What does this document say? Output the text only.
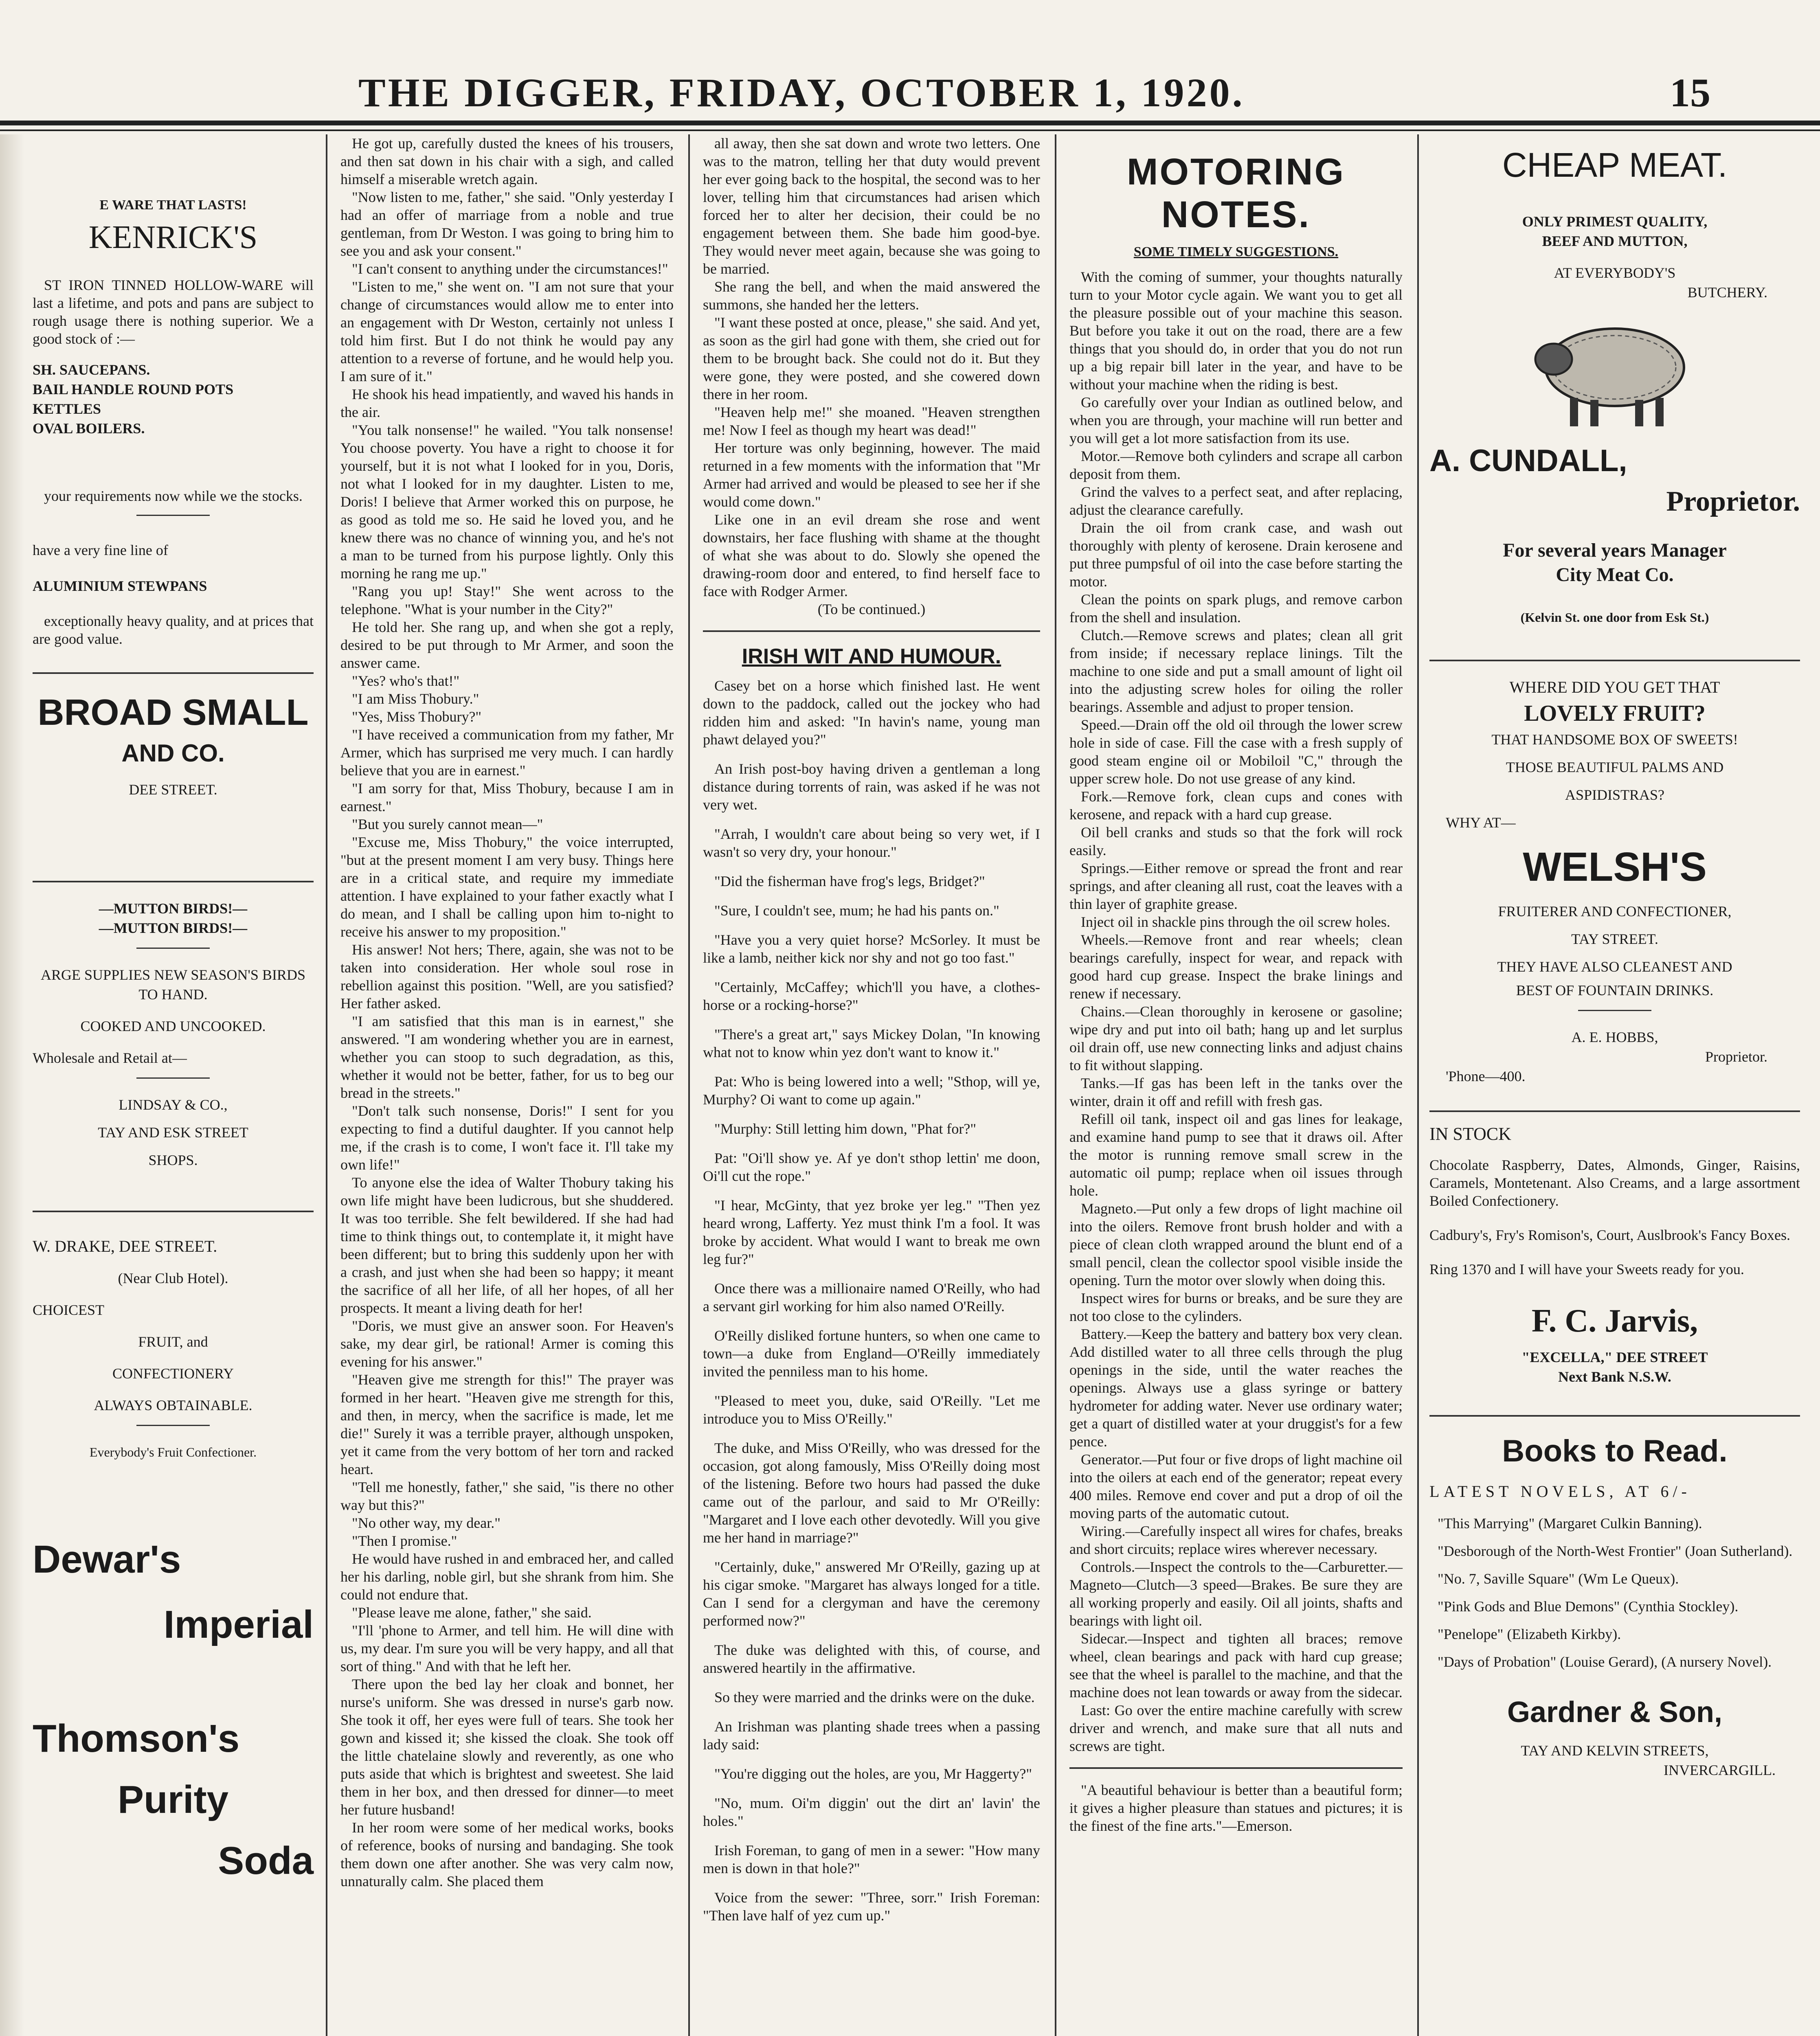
THE DIGGER, FRIDAY, OCTOBER 1, 1920.	15
E WARE THAT LASTS!
KENRICK'S

ST IRON TINNED HOLLOW-WARE will last a lifetime, and pots and pans are subject to rough usage there is nothing superior. We a good stock of :—

SH. SAUCEPANS.
BAIL HANDLE ROUND POTS
KETTLES
OVAL BOILERS.

your requirements now while we the stocks.

have a very fine line of
ALUMINIUM STEWPANS

exceptionally heavy quality, and at prices that are good value.

BROAD SMALL
AND CO.
DEE STREET.
—MUTTON BIRDS!—
—MUTTON BIRDS!—
ARGE SUPPLIES NEW SEASON'S BIRDS TO HAND.
COOKED AND UNCOOKED.
Wholesale and Retail at—
LINDSAY & CO.,
TAY AND ESK STREET
SHOPS.
W. DRAKE, DEE STREET.
(Near Club Hotel).
CHOICEST
FRUIT, and
CONFECTIONERY
ALWAYS OBTAINABLE.
Everybody's Fruit Confectioner.
Dewar's
Imperial
Thomson's
Purity
Soda

He got up, carefully dusted the knees of his trousers, and then sat down in his chair with a sigh, and called himself a miserable wretch again.

"Now listen to me, father," she said. "Only yesterday I had an offer of marriage from a noble and true gentleman, from Dr Weston. I was going to bring him to see you and ask your consent."

"I can't consent to anything under the circumstances!"

"Listen to me," she went on. "I am not sure that your change of circumstances would allow me to enter into an engagement with Dr Weston, certainly not unless I told him first. But I do not think he would pay any attention to a reverse of fortune, and he would help you. I am sure of it."

He shook his head impatiently, and waved his hands in the air.

"You talk nonsense!" he wailed. "You talk nonsense! You choose poverty. You have a right to choose it for yourself, but it is not what I looked for in you, Doris, not what I looked for in my daughter. Listen to me, Doris! I believe that Armer worked this on purpose, he as good as told me so. He said he loved you, and he knew there was no chance of winning you, and he's not a man to be turned from his purpose lightly. Only this morning he rang me up."

"Rang you up! Stay!" She went across to the telephone. "What is your number in the City?"

He told her. She rang up, and when she got a reply, desired to be put through to Mr Armer, and soon the answer came.

"Yes? who's that!"

"I am Miss Thobury."

"Yes, Miss Thobury?"

"I have received a communication from my father, Mr Armer, which has surprised me very much. I can hardly believe that you are in earnest."

"I am sorry for that, Miss Thobury, because I am in earnest."

"But you surely cannot mean—"

"Excuse me, Miss Thobury," the voice interrupted, "but at the present moment I am very busy. Things here are in a critical state, and require my immediate attention. I have explained to your father exactly what I do mean, and I shall be calling upon him to-night to receive his answer to my proposition."

His answer! Not hers; There, again, she was not to be taken into consideration. Her whole soul rose in rebellion against this position. "Well, are you satisfied? Her father asked.

"I am satisfied that this man is in earnest," she answered. "I am wondering whether you are in earnest, whether you can stoop to such degradation, as this, whether it would not be better, father, for us to beg our bread in the streets."

"Don't talk such nonsense, Doris!" I sent for you expecting to find a dutiful daughter. If you cannot help me, if the crash is to come, I won't face it. I'll take my own life!"

To anyone else the idea of Walter Thobury taking his own life might have been ludicrous, but she shuddered. It was too terrible. She felt bewildered. If she had had time to think things out, to contemplate it, it might have been different; but to bring this suddenly upon her with a crash, and just when she had been so happy; it meant the sacrifice of all her life, of all her hopes, of all her prospects. It meant a living death for her!

"Doris, we must give an answer soon. For Heaven's sake, my dear girl, be rational! Armer is coming this evening for his answer."

"Heaven give me strength for this!" The prayer was formed in her heart. "Heaven give me strength for this, and then, in mercy, when the sacrifice is made, let me die!" Surely it was a terrible prayer, although unspoken, yet it came from the very bottom of her torn and racked heart.

"Tell me honestly, father," she said, "is there no other way but this?"

"No other way, my dear."

"Then I promise."

He would have rushed in and embraced her, and called her his darling, noble girl, but she shrank from him. She could not endure that.

"Please leave me alone, father," she said.

"I'll 'phone to Armer, and tell him. He will dine with us, my dear. I'm sure you will be very happy, and all that sort of thing." And with that he left her.

There upon the bed lay her cloak and bonnet, her nurse's uniform. She was dressed in nurse's garb now. She took it off, her eyes were full of tears. She took her gown and kissed it; she kissed the cloak. She took off the little chatelaine slowly and reverently, as one who puts aside that which is brightest and sweetest. She laid them in her box, and then dressed for dinner—to meet her future husband!

In her room were some of her medical works, books of reference, books of nursing and bandaging. She took them down one after another. She was very calm now, unnaturally calm. She placed them

all away, then she sat down and wrote two letters. One was to the matron, telling her that duty would prevent her ever going back to the hospital, the second was to her lover, telling him that circumstances had arisen which forced her to alter her decision, their could be no engagement between them. She bade him good-bye. They would never meet again, because she was going to be married.

She rang the bell, and when the maid answered the summons, she handed her the letters.

"I want these posted at once, please," she said. And yet, as soon as the girl had gone with them, she cried out for them to be brought back. She could not do it. But they were gone, they were posted, and she cowered down there in her room.

"Heaven help me!" she moaned. "Heaven strengthen me! Now I feel as though my heart was dead!"

Her torture was only beginning, however. The maid returned in a few moments with the information that "Mr Armer had arrived and would be pleased to see her if she would come down."

Like one in an evil dream she rose and went downstairs, her face flushing with shame at the thought of what she was about to do. Slowly she opened the drawing-room door and entered, to find herself face to face with Rodger Armer.

(To be continued.)

IRISH WIT AND HUMOUR.

Casey bet on a horse which finished last. He went down to the paddock, called out the jockey who had ridden him and asked: "In havin's name, young man phawt delayed you?"

An Irish post-boy having driven a gentleman a long distance during torrents of rain, was asked if he was not very wet.

"Arrah, I wouldn't care about being so very wet, if I wasn't so very dry, your honour."

"Did the fisherman have frog's legs, Bridget?"

"Sure, I couldn't see, mum; he had his pants on."

"Have you a very quiet horse? McSorley. It must be like a lamb, neither kick nor shy and not go too fast."

"Certainly, McCaffey; which'll you have, a clothes-horse or a rocking-horse?"

"There's a great art," says Mickey Dolan, "In knowing what not to know whin yez don't want to know it."

Pat: Who is being lowered into a well; "Sthop, will ye, Murphy? Oi want to come up again."

"Murphy: Still letting him down, "Phat for?"

Pat: "Oi'll show ye. Af ye don't sthop lettin' me doon, Oi'll cut the rope."

"I hear, McGinty, that yez broke yer leg." "Then yez heard wrong, Lafferty. Yez must think I'm a fool. It was broke by accident. What would I want to break me own leg fur?"

Once there was a millionaire named O'Reilly, who had a servant girl working for him also named O'Reilly.

O'Reilly disliked fortune hunters, so when one came to town—a duke from England—O'Reilly immediately invited the penniless man to his home.

"Pleased to meet you, duke, said O'Reilly. "Let me introduce you to Miss O'Reilly."

The duke, and Miss O'Reilly, who was dressed for the occasion, got along famously, Miss O'Reilly doing most of the listening. Before two hours had passed the duke came out of the parlour, and said to Mr O'Reilly: "Margaret and I love each other devotedly. Will you give me her hand in marriage?"

"Certainly, duke," answered Mr O'Reilly, gazing up at his cigar smoke. "Margaret has always longed for a title. Can I send for a clergyman and have the ceremony performed now?"

The duke was delighted with this, of course, and answered heartily in the affirmative.

So they were married and the drinks were on the duke.

An Irishman was planting shade trees when a passing lady said:

"You're digging out the holes, are you, Mr Haggerty?"

"No, mum. Oi'm diggin' out the dirt an' lavin' the holes."

Irish Foreman, to gang of men in a sewer: "How many men is down in that hole?"

Voice from the sewer: "Three, sorr." Irish Foreman: "Then lave half of yez cum up."

MOTORING NOTES.
SOME TIMELY SUGGESTIONS.

With the coming of summer, your thoughts naturally turn to your Motor cycle again. We want you to get all the pleasure possible out of your machine this season. But before you take it out on the road, there are a few things that you should do, in order that you do not run up a big repair bill later in the year, and have to be without your machine when the riding is best.

Go carefully over your Indian as outlined below, and when you are through, your machine will run better and you will get a lot more satisfaction from its use.

Motor.—Remove both cylinders and scrape all carbon deposit from them.

Grind the valves to a perfect seat, and after replacing, adjust the clearance carefully.

Drain the oil from crank case, and wash out thoroughly with plenty of kerosene. Drain kerosene and put three pumpsful of oil into the case before starting the motor.

Clean the points on spark plugs, and remove carbon from the shell and insulation.

Clutch.—Remove screws and plates; clean all grit from inside; if necessary replace linings. Tilt the machine to one side and put a small amount of light oil into the adjusting screw holes for oiling the roller bearings. Assemble and adjust to proper tension.

Speed.—Drain off the old oil through the lower screw hole in side of case. Fill the case with a fresh supply of good steam engine oil or Mobiloil "C," through the upper screw hole. Do not use grease of any kind.

Fork.—Remove fork, clean cups and cones with kerosene, and repack with a hard cup grease.

Oil bell cranks and studs so that the fork will rock easily.

Springs.—Either remove or spread the front and rear springs, and after cleaning all rust, coat the leaves with a thin layer of graphite grease.

Inject oil in shackle pins through the oil screw holes.

Wheels.—Remove front and rear wheels; clean bearings carefully, inspect for wear, and repack with good hard cup grease. Inspect the brake linings and renew if necessary.

Chains.—Clean thoroughly in kerosene or gasoline; wipe dry and put into oil bath; hang up and let surplus oil drain off, use new connecting links and adjust chains to fit without slapping.

Tanks.—If gas has been left in the tanks over the winter, drain it off and refill with fresh gas.

Refill oil tank, inspect oil and gas lines for leakage, and examine hand pump to see that it draws oil. After the motor is running remove small screw in the automatic oil pump; replace when oil issues through hole.

Magneto.—Put only a few drops of light machine oil into the oilers. Remove front brush holder and with a piece of clean cloth wrapped around the blunt end of a small pencil, clean the collector spool visible inside the opening. Turn the motor over slowly when doing this.

Inspect wires for burns or breaks, and be sure they are not too close to the cylinders.

Battery.—Keep the battery and battery box very clean. Add distilled water to all three cells through the plug openings in the side, until the water reaches the openings. Always use a glass syringe or battery hydrometer for adding water. Never use ordinary water; get a quart of distilled water at your druggist's for a few pence.

Generator.—Put four or five drops of light machine oil into the oilers at each end of the generator; repeat every 400 miles. Remove end cover and put a drop of oil the moving parts of the automatic cutout.

Wiring.—Carefully inspect all wires for chafes, breaks and short circuits; replace wires wherever necessary.

Controls.—Inspect the controls to the—Carburetter.—Magneto—Clutch—3 speed—Brakes. Be sure they are all working properly and easily. Oil all joints, shafts and bearings with light oil.

Sidecar.—Inspect and tighten all braces; remove wheel, clean bearings and pack with hard cup grease; see that the wheel is parallel to the machine, and that the machine does not lean towards or away from the sidecar.

Last: Go over the entire machine carefully with screw driver and wrench, and make sure that all nuts and screws are tight.

"A beautiful behaviour is better than a beautiful form; it gives a higher pleasure than statues and pictures; it is the finest of the fine arts."—Emerson.

CHEAP MEAT.
ONLY PRIMEST QUALITY,
BEEF AND MUTTON,
AT EVERYBODY'S
BUTCHERY.
A. CUNDALL,
Proprietor.
For several years Manager
City Meat Co.
(Kelvin St. one door from Esk St.)
WHERE DID YOU GET THAT
LOVELY FRUIT?
THAT HANDSOME BOX OF SWEETS!
THOSE BEAUTIFUL PALMS AND
ASPIDISTRAS?
WHY AT—
WELSH'S
FRUITERER AND CONFECTIONER,
TAY STREET.
THEY HAVE ALSO CLEANEST AND
BEST OF FOUNTAIN DRINKS.
A. E. HOBBS,
Proprietor.
'Phone—400.
IN STOCK

Chocolate Raspberry, Dates, Almonds, Ginger, Raisins, Caramels, Montetenant. Also Creams, and a large assortment Boiled Confectionery.

Cadbury's, Fry's Romison's, Court, Auslbrook's Fancy Boxes.

Ring 1370 and I will have your Sweets ready for you.

F. C. Jarvis,
"EXCELLA," DEE STREET
Next Bank N.S.W.
Books to Read.
LATEST NOVELS, AT 6/-
"This Marrying" (Margaret Culkin Banning).
"Desborough of the North-West Frontier" (Joan Sutherland).
"No. 7, Saville Square" (Wm Le Queux).
"Pink Gods and Blue Demons" (Cynthia Stockley).
"Penelope" (Elizabeth Kirkby).
"Days of Probation" (Louise Gerard), (A nursery Novel).
Gardner & Son,
TAY AND KELVIN STREETS,
INVERCARGILL.
